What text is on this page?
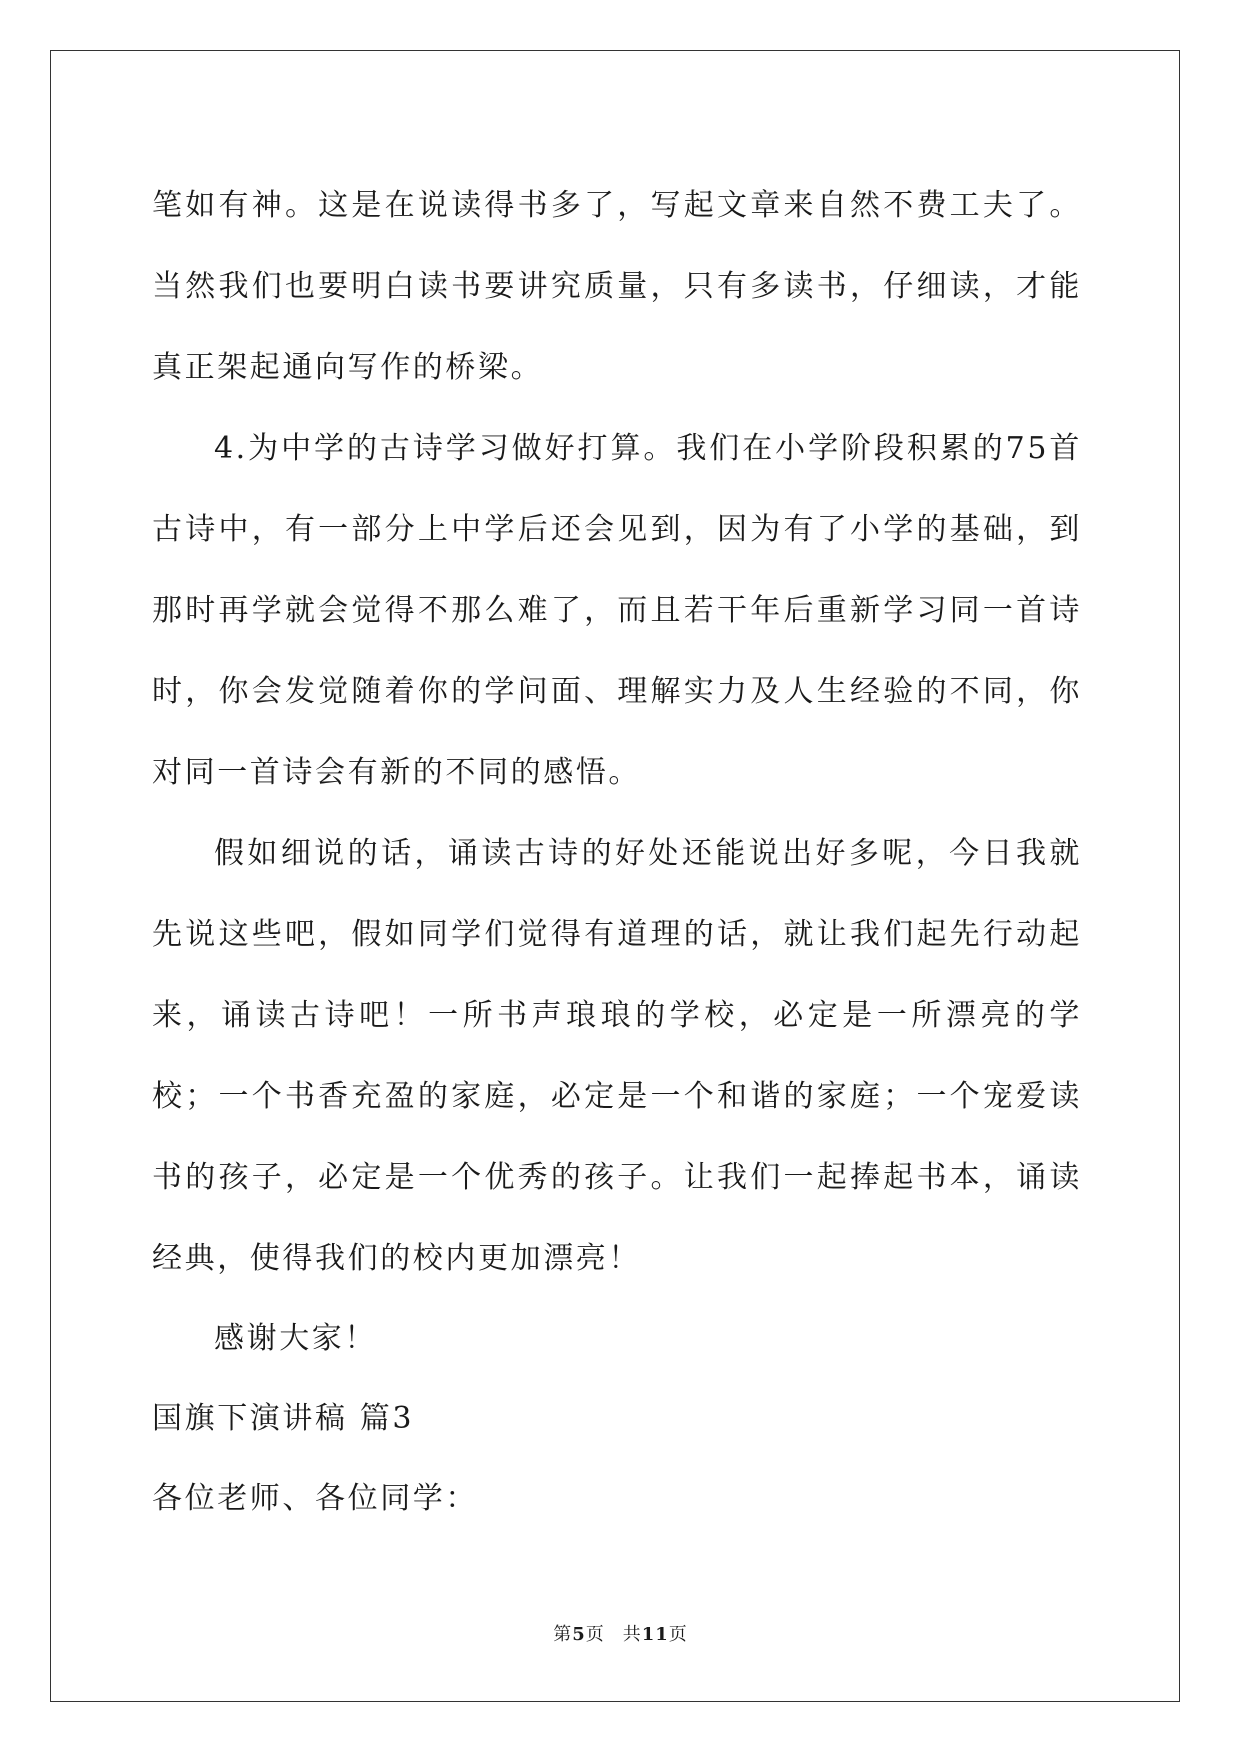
笔如有神。这是在说读得书多了，写起文章来自然不费工夫了。当然我们也要明白读书要讲究质量，只有多读书，仔细读，才能真正架起通向写作的桥梁。

4.为中学的古诗学习做好打算。我们在小学阶段积累的75首古诗中，有一部分上中学后还会见到，因为有了小学的基础，到那时再学就会觉得不那么难了，而且若干年后重新学习同一首诗时，你会发觉随着你的学问面、理解实力及人生经验的不同，你对同一首诗会有新的不同的感悟。

假如细说的话，诵读古诗的好处还能说出好多呢，今日我就先说这些吧，假如同学们觉得有道理的话，就让我们起先行动起来，诵读古诗吧！一所书声琅琅的学校，必定是一所漂亮的学校；一个书香充盈的家庭，必定是一个和谐的家庭；一个宠爱读书的孩子，必定是一个优秀的孩子。让我们一起捧起书本，诵读经典，使得我们的校内更加漂亮！

感谢大家！

国旗下演讲稿 篇3

各位老师、各位同学：

第5页 共11页
